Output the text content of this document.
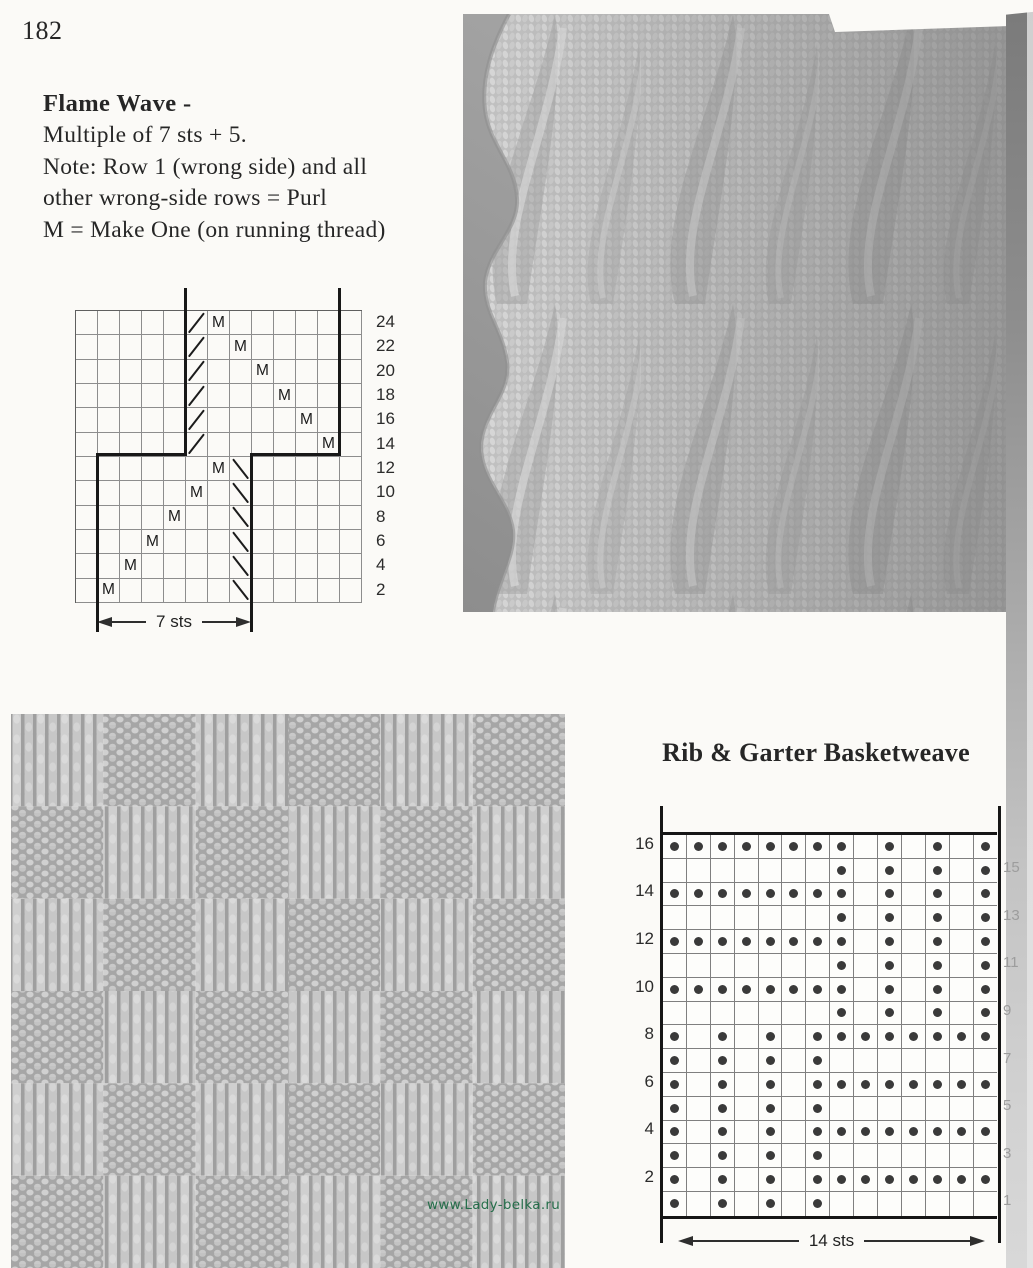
182

Flame Wave -

Multiple of 7 sts + 5.

Note: Row 1 (wrong side) and all

other wrong-side rows = Purl

M = Make One (on running thread)

M
M
M
M
M
M
M
M
M
M
M
M
7 sts
24
22
20
18
16
14
12
10
8
6
4
2
www.Lady-belka.ru
Rib & Garter Basketweave
14 sts
16
15
14
13
12
11
10
9
8
7
6
5
4
3
2
1
